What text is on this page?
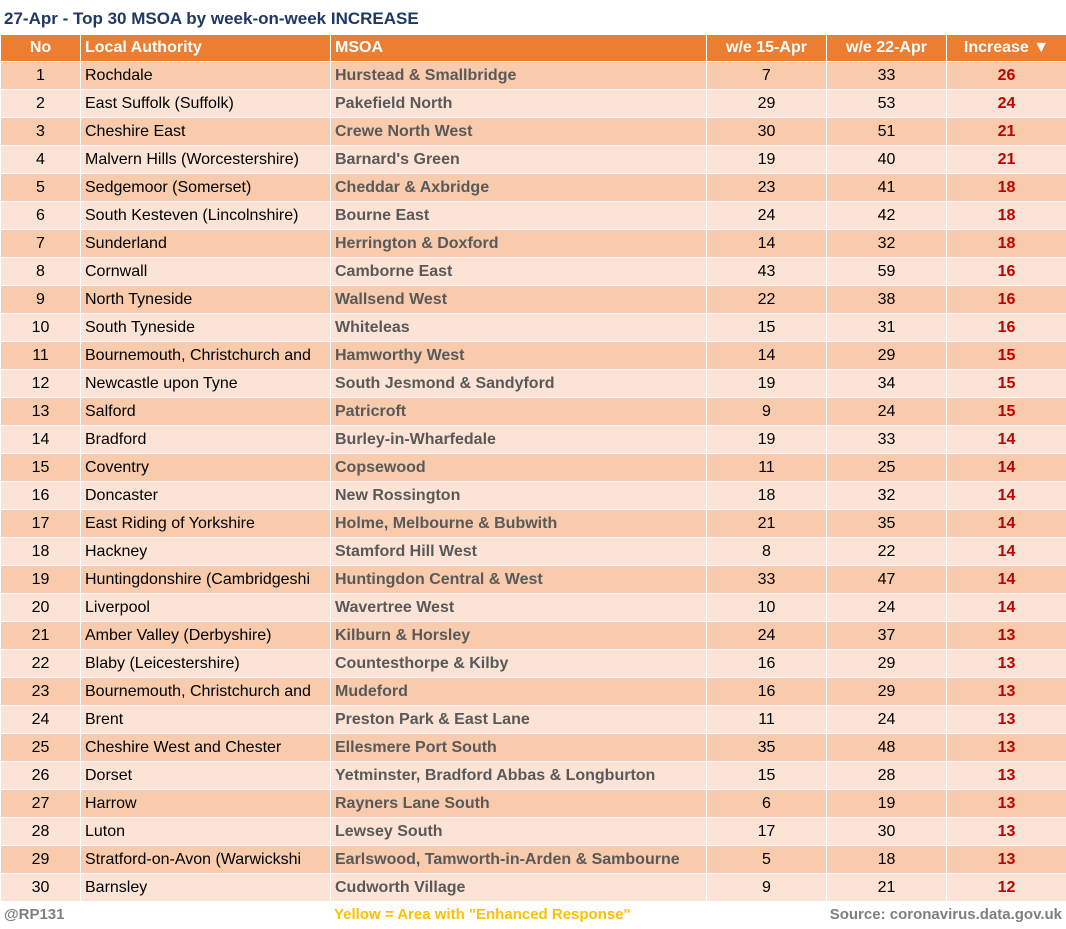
27-Apr - Top 30 MSOA by week-on-week INCREASE
No	Local Authority	MSOA	w/e 15-Apr	w/e 22-Apr	Increase ▼
1	Rochdale	Hurstead & Smallbridge	7	33	26
2	East Suffolk (Suffolk)	Pakefield North	29	53	24
3	Cheshire East	Crewe North West	30	51	21
4	Malvern Hills (Worcestershire)	Barnard's Green	19	40	21
5	Sedgemoor (Somerset)	Cheddar & Axbridge	23	41	18
6	South Kesteven (Lincolnshire)	Bourne East	24	42	18
7	Sunderland	Herrington & Doxford	14	32	18
8	Cornwall	Camborne East	43	59	16
9	North Tyneside	Wallsend West	22	38	16
10	South Tyneside	Whiteleas	15	31	16
11	Bournemouth, Christchurch and	Hamworthy West	14	29	15
12	Newcastle upon Tyne	South Jesmond & Sandyford	19	34	15
13	Salford	Patricroft	9	24	15
14	Bradford	Burley-in-Wharfedale	19	33	14
15	Coventry	Copsewood	11	25	14
16	Doncaster	New Rossington	18	32	14
17	East Riding of Yorkshire	Holme, Melbourne & Bubwith	21	35	14
18	Hackney	Stamford Hill West	8	22	14
19	Huntingdonshire (Cambridgeshi	Huntingdon Central & West	33	47	14
20	Liverpool	Wavertree West	10	24	14
21	Amber Valley (Derbyshire)	Kilburn & Horsley	24	37	13
22	Blaby (Leicestershire)	Countesthorpe & Kilby	16	29	13
23	Bournemouth, Christchurch and	Mudeford	16	29	13
24	Brent	Preston Park & East Lane	11	24	13
25	Cheshire West and Chester	Ellesmere Port South	35	48	13
26	Dorset	Yetminster, Bradford Abbas & Longburton	15	28	13
27	Harrow	Rayners Lane South	6	19	13
28	Luton	Lewsey South	17	30	13
29	Stratford-on-Avon (Warwickshi	Earlswood, Tamworth-in-Arden & Sambourne	5	18	13
30	Barnsley	Cudworth Village	9	21	12
@RP131	Yellow = Area with "Enhanced Response"	Source: coronavirus.data.gov.uk
